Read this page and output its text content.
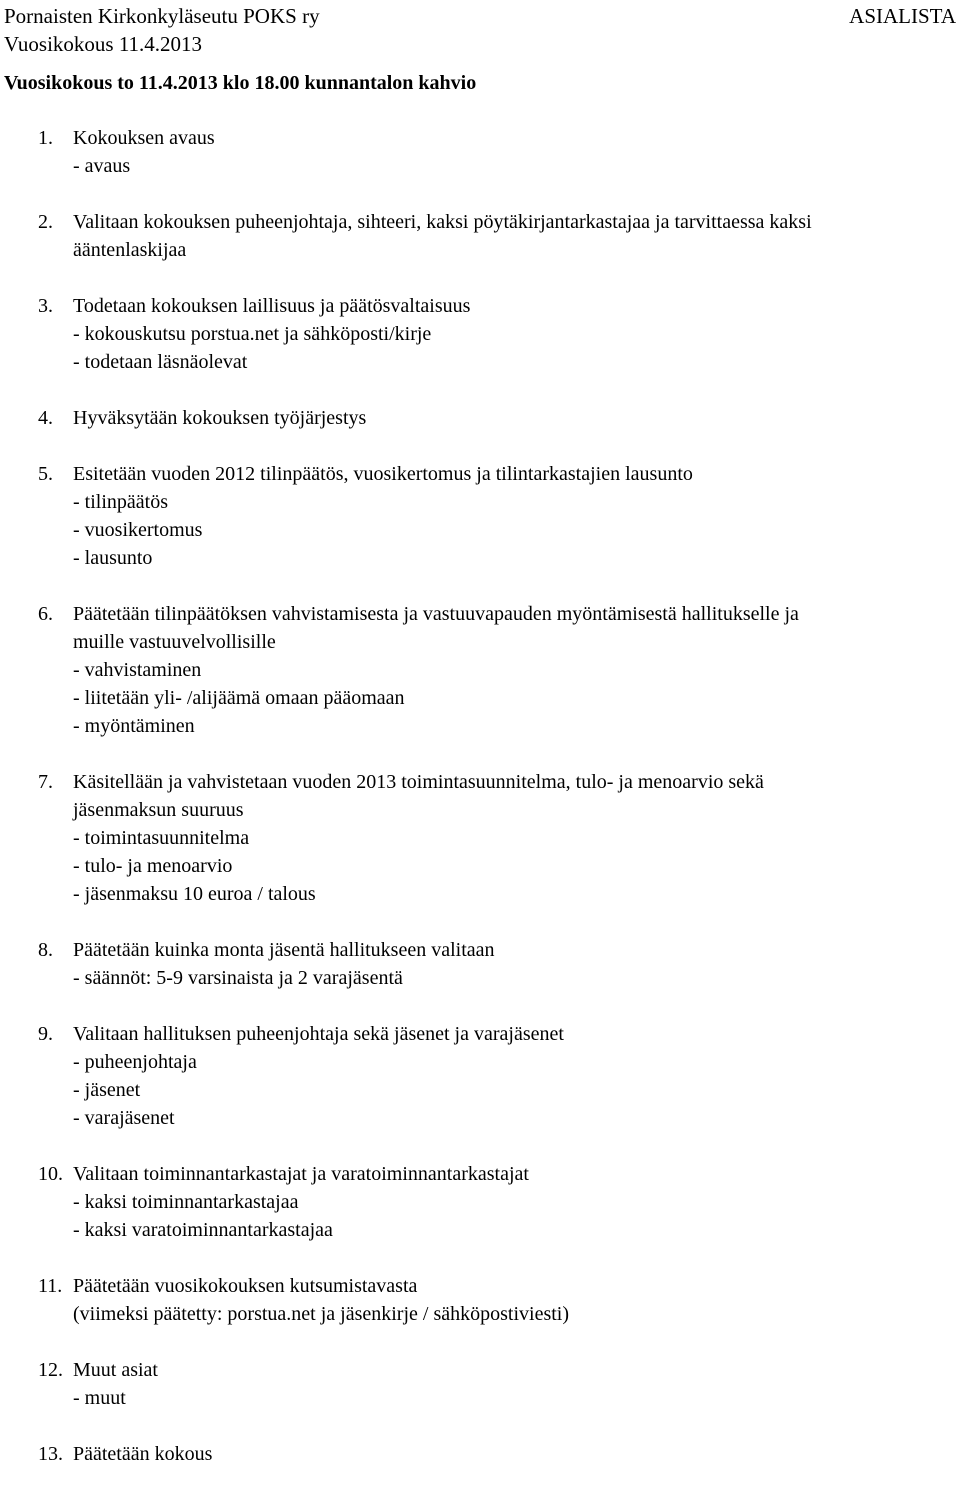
Pornaisten Kirkonkyläseutu POKS ry
Vuosikokous 11.4.2013
ASIALISTA
Vuosikokous to 11.4.2013 klo 18.00 kunnantalon kahvio
1. Kokouksen avaus
- avaus
2. Valitaan kokouksen puheenjohtaja, sihteeri, kaksi pöytäkirjantarkastajaa ja tarvittaessa kaksi
ääntenlaskijaa
3. Todetaan kokouksen laillisuus ja päätösvaltaisuus
- kokouskutsu porstua.net ja sähköposti/kirje
- todetaan läsnäolevat
4. Hyväksytään kokouksen työjärjestys
5. Esitetään vuoden 2012 tilinpäätös, vuosikertomus ja tilintarkastajien lausunto
- tilinpäätös
- vuosikertomus
- lausunto
6. Päätetään tilinpäätöksen vahvistamisesta ja vastuuvapauden myöntämisestä hallitukselle ja
muille vastuuvelvollisille
- vahvistaminen
- liitetään yli- /alijäämä omaan pääomaan
- myöntäminen
7. Käsitellään ja vahvistetaan vuoden 2013 toimintasuunnitelma, tulo- ja menoarvio sekä
jäsenmaksun suuruus
- toimintasuunnitelma
- tulo- ja menoarvio
- jäsenmaksu 10 euroa / talous
8. Päätetään kuinka monta jäsentä hallitukseen valitaan
- säännöt: 5-9 varsinaista ja 2 varajäsentä
9. Valitaan hallituksen puheenjohtaja sekä jäsenet ja varajäsenet
- puheenjohtaja
- jäsenet
- varajäsenet
10. Valitaan toiminnantarkastajat ja varatoiminnantarkastajat
- kaksi toiminnantarkastajaa
- kaksi varatoiminnantarkastajaa
11. Päätetään vuosikokouksen kutsumistavasta
(viimeksi päätetty: porstua.net ja jäsenkirje / sähköpostiviesti)
12. Muut asiat
- muut
13. Päätetään kokous
